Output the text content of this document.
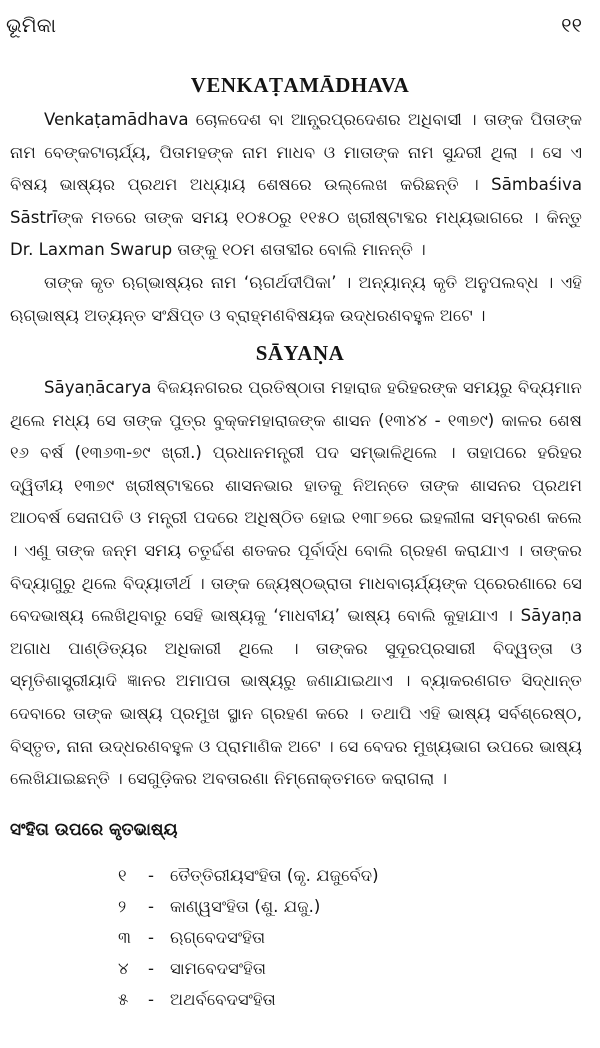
ଭୂମିକା	୧୧
VENKAṬAMĀDHAVA

Venkaṭamādhava ଚୋଳଦେଶ ବା ଆନ୍ଧ୍ରପ୍ରଦେଶର ଅଧିବାସୀ । ତାଙ୍କ ପିତାଙ୍କ ନାମ ବେଙ୍କଟାଚାର୍ଯ୍ୟ, ପିତାମହଙ୍କ ନାମ ମାଧବ ଓ ମାତାଙ୍କ ନାମ ସୁନ୍ଦରୀ ଥିଲା । ସେ ଏ ବିଷୟ ଭାଷ୍ୟର ପ୍ରଥମ ଅଧ୍ୟାୟ ଶେଷରେ ଉଲ୍ଲେଖ କରିଛନ୍ତି । Sāmbaśiva Sāstrīଙ୍କ ମତରେ ତାଙ୍କ ସମୟ ୧୦୫୦ରୁ ୧୧୫୦ ଖ୍ରୀଷ୍ଟାବ୍ଦର ମଧ୍ୟଭାଗରେ । କିନ୍ତୁ Dr. Laxman Swarup ତାଙ୍କୁ ୧୦ମ ଶତାବ୍ଦୀର ବୋଲି ମାନନ୍ତି ।

ତାଙ୍କ କୃତ ଋଗ୍‌ଭାଷ୍ୟର ନାମ ‘ଋଗର୍ଥଦୀପିକା’ । ଅନ୍ୟାନ୍ୟ କୃତି ଅନୁପଲବ୍ଧ । ଏହି ଋଗ୍‌ଭାଷ୍ୟ ଅତ୍ୟନ୍ତ ସଂକ୍ଷିପ୍ତ ଓ ବ୍ରାହ୍ମଣବିଷୟକ ଉଦ୍ଧରଣବହୁଳ ଅଟେ ।

SĀYAṆA

Sāyaṇācarya ବିଜୟନଗରର ପ୍ରତିଷ୍ଠାତା ମହାରାଜ ହରିହରଙ୍କ ସମୟରୁ ବିଦ୍ୟମାନ ଥିଲେ ମଧ୍ୟ ସେ ତାଙ୍କ ପୁତ୍ର ବୁକ୍କମହାରାଜଙ୍କ ଶାସନ (୧୩୪୪ - ୧୩୭୯) କାଳର ଶେଷ ୧୬ ବର୍ଷ (୧୩୬୩-୭୯ ଖ୍ରୀ.) ପ୍ରଧାନମନ୍ତ୍ରୀ ପଦ ସମ୍ଭାଳିଥିଲେ । ତାହାପରେ ହରିହର ଦ୍ୱିତୀୟ ୧୩୭୯ ଖ୍ରୀଷ୍ଟାବ୍ଦରେ ଶାସନଭାର ହାତକୁ ନିଅନ୍ତେ ତାଙ୍କ ଶାସନର ପ୍ରଥମ ଆଠବର୍ଷ ସେନାପତି ଓ ମନ୍ତ୍ରୀ ପଦରେ ଅଧିଷ୍ଠିତ ହୋଇ ୧୩୮୭ରେ ଇହଲୀଳା ସମ୍ବରଣ କଲେ । ଏଣୁ ତାଙ୍କ ଜନ୍ମ ସମୟ ଚତୁର୍ଦ୍ଦଶ ଶତକର ପୂର୍ବାର୍ଦ୍ଧ ବୋଲି ଗ୍ରହଣ କରାଯାଏ । ତାଙ୍କର ବିଦ୍ୟାଗୁରୁ ଥିଲେ ବିଦ୍ୟାତୀର୍ଥ । ତାଙ୍କ ଜ୍ୟେଷ୍ଠଭ୍ରାତା ମାଧବାଚାର୍ଯ୍ୟଙ୍କ ପ୍ରେରଣାରେ ସେ ବେଦଭାଷ୍ୟ ଲେଖିଥିବାରୁ ସେହି ଭାଷ୍ୟକୁ ‘ମାଧବୀୟ’ ଭାଷ୍ୟ ବୋଲି କୁହାଯାଏ । Sāyaṇa ଅଗାଧ ପାଣ୍ଡିତ୍ୟର ଅଧିକାରୀ ଥିଲେ । ତାଙ୍କର ସୁଦୂରପ୍ରସାରୀ ବିଦ୍ୱତ୍ତା ଓ ସ୍ମୃତିଶାସ୍ତ୍ରୀୟାଦି ଜ୍ଞାନର ଅମାପତା ଭାଷ୍ୟରୁ ଜଣାଯାଇଥାଏ । ବ୍ୟାକରଣଗତ ସିଦ୍ଧାନ୍ତ ଦେବାରେ ତାଙ୍କ ଭାଷ୍ୟ ପ୍ରମୁଖ ସ୍ଥାନ ଗ୍ରହଣ କରେ । ତଥାପି ଏହି ଭାଷ୍ୟ ସର୍ବଶ୍ରେଷ୍ଠ, ବିସ୍ତୃତ, ନାନା ଉଦ୍ଧରଣବହୁଳ ଓ ପ୍ରାମାଣିକ ଅଟେ । ସେ ବେଦର ମୁଖ୍ୟଭାଗ ଉପରେ ଭାଷ୍ୟ ଲେଖିଯାଇଛନ୍ତି । ସେଗୁଡ଼ିକର ଅବତାରଣା ନିମ୍ନୋକ୍ତମତେ କରାଗଲା ।

ସଂହିତା ଉପରେ କୃତଭାଷ୍ୟ
୧	- ତୈତ୍ତିରୀୟସଂହିତା (କୃ. ଯଜୁର୍ବେଦ)
୨	- କାଣ୍ୱସଂହିତା (ଶୁ. ଯଜୁ.)
୩	- ଋଗ୍‌ବେଦସଂହିତା
୪	- ସାମବେଦସଂହିତା
୫	- ଅଥର୍ବବେଦସଂହିତା
